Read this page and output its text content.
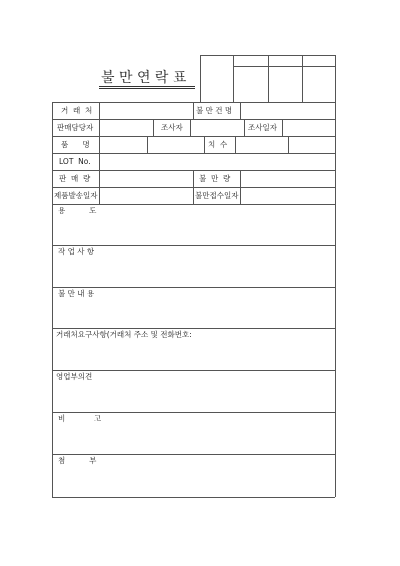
불 만 연 락 표
거  래  처	불 만 건 명
판매담당자	조사자	조사일자
품      명	치  수
LOT  No.
판  매  량	불  만  량
제품발송일자	불만접수일자
용          도
작 업 사 항
불 만 내 용
거래처요구사항(거래처 주소 및 전화번호:
영업부의견
비            고
첨          부
